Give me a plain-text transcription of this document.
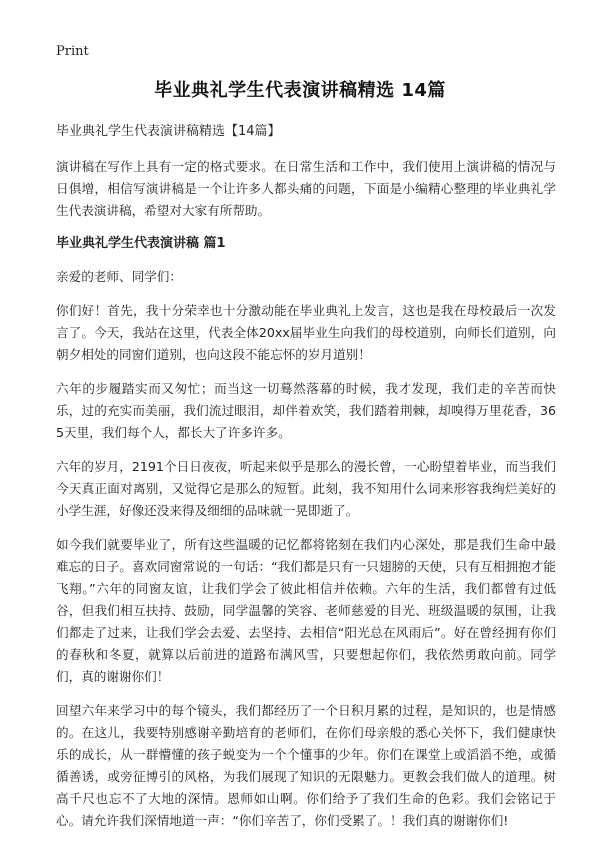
Print
毕业典礼学生代表演讲稿精选 14篇

毕业典礼学生代表演讲稿精选【14篇】

演讲稿在写作上具有一定的格式要求。在日常生活和工作中，我们使用上演讲稿的情况与日俱增，相信写演讲稿是一个让许多人都头痛的问题，下面是小编精心整理的毕业典礼学生代表演讲稿，希望对大家有所帮助。

毕业典礼学生代表演讲稿 篇1

亲爱的老师、同学们：

你们好！首先，我十分荣幸也十分激动能在毕业典礼上发言，这也是我在母校最后一次发言了。今天，我站在这里，代表全体20xx届毕业生向我们的母校道别，向师长们道别，向朝夕相处的同窗们道别，也向这段不能忘怀的岁月道别！

六年的步履踏实而又匆忙；而当这一切蓦然落幕的时候，我才发现，我们走的辛苦而快乐，过的充实而美丽，我们流过眼泪，却伴着欢笑，我们踏着荆棘，却嗅得万里花香，365天里，我们每个人，都长大了许多许多。

六年的岁月，2191个日日夜夜，听起来似乎是那么的漫长曾，一心盼望着毕业，而当我们今天真正面对离别，又觉得它是那么的短暂。此刻，我不知用什么词来形容我绚烂美好的小学生涯，好像还没来得及细细的品味就一晃即逝了。

如今我们就要毕业了，所有这些温暖的记忆都将铭刻在我们内心深处，那是我们生命中最难忘的日子。喜欢同窗常说的一句话：“我们都是只有一只翅膀的天使，只有互相拥抱才能飞翔。”六年的同窗友谊，让我们学会了彼此相信并依赖。六年的生活，我们都曾有过低谷，但我们相互扶持、鼓励，同学温馨的笑容、老师慈爱的目光、班级温暖的氛围，让我们都走了过来，让我们学会去爱、去坚持、去相信“阳光总在风雨后”。好在曾经拥有你们的春秋和冬夏，就算以后前进的道路布满风雪，只要想起你们，我依然勇敢向前。同学们，真的谢谢你们！

回望六年来学习中的每个镜头，我们都经历了一个日积月累的过程，是知识的，也是情感的。在这儿，我要特别感谢辛勤培育的老师们，在你们母亲般的悉心关怀下，我们健康快乐的成长，从一群懵懂的孩子蜕变为一个个懂事的少年。你们在课堂上或滔滔不绝，或循循善诱，或旁征博引的风格，为我们展现了知识的无限魅力。更教会我们做人的道理。树高千尺也忘不了大地的深情。恩师如山啊。你们给予了我们生命的色彩。我们会铭记于心。请允许我们深情地道一声：“你们辛苦了，你们受累了。！我们真的谢谢你们!
